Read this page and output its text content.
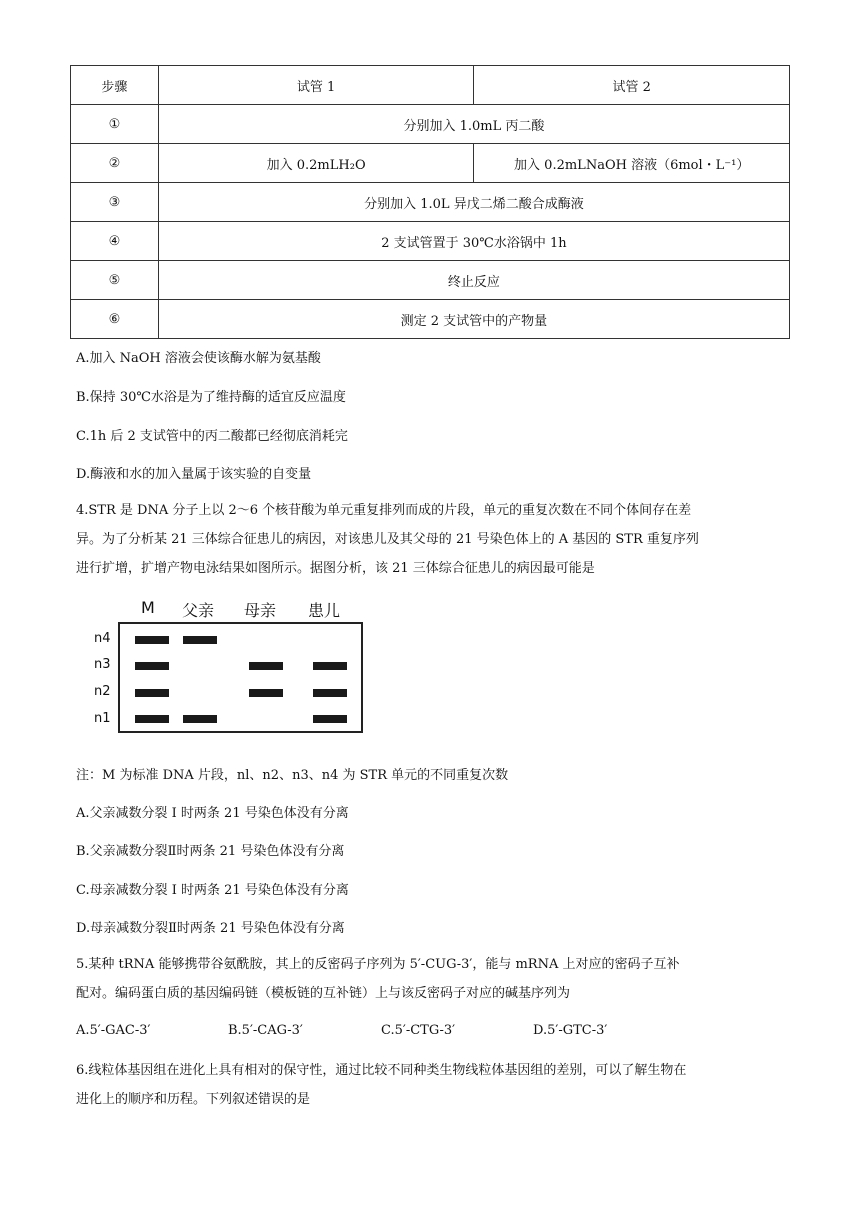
步骤	试管 1	试管 2
①	分别加入 1.0mL 丙二酸	
②	加入 0.2mLH₂O	加入 0.2mLNaOH 溶液（6mol・L⁻¹）
③	分别加入 1.0L 异戊二烯二酸合成酶液	
④	2 支试管置于 30℃水浴锅中 1h	
⑤	终止反应	
⑥	测定 2 支试管中的产物量	
A.加入 NaOH 溶液会使该酶水解为氨基酸
B.保持 30℃水浴是为了维持酶的适宜反应温度
C.1h 后 2 支试管中的丙二酸都已经彻底消耗完
D.酶液和水的加入量属于该实验的自变量
4.STR 是 DNA 分子上以 2～6 个核苷酸为单元重复排列而成的片段，单元的重复次数在不同个体间存在差
异。为了分析某 21 三体综合征患儿的病因，对该患儿及其父母的 21 号染色体上的 A 基因的 STR 重复序列
进行扩增，扩增产物电泳结果如图所示。据图分析，该 21 三体综合征患儿的病因最可能是
M 父亲 母亲 患儿
n4
n3
n2
n1
注：M 为标准 DNA 片段，nl、n2、n3、n4 为 STR 单元的不同重复次数
A.父亲减数分裂 I 时两条 21 号染色体没有分离
B.父亲减数分裂Ⅱ时两条 21 号染色体没有分离
C.母亲减数分裂 I 时两条 21 号染色体没有分离
D.母亲减数分裂Ⅱ时两条 21 号染色体没有分离
5.某种 tRNA 能够携带谷氨酰胺，其上的反密码子序列为 5′-CUG-3′，能与 mRNA 上对应的密码子互补
配对。编码蛋白质的基因编码链（模板链的互补链）上与该反密码子对应的碱基序列为
A.5′-GAC-3′	B.5′-CAG-3′	C.5′-CTG-3′	D.5′-GTC-3′
6.线粒体基因组在进化上具有相对的保守性，通过比较不同种类生物线粒体基因组的差别，可以了解生物在
进化上的顺序和历程。下列叙述错误的是
